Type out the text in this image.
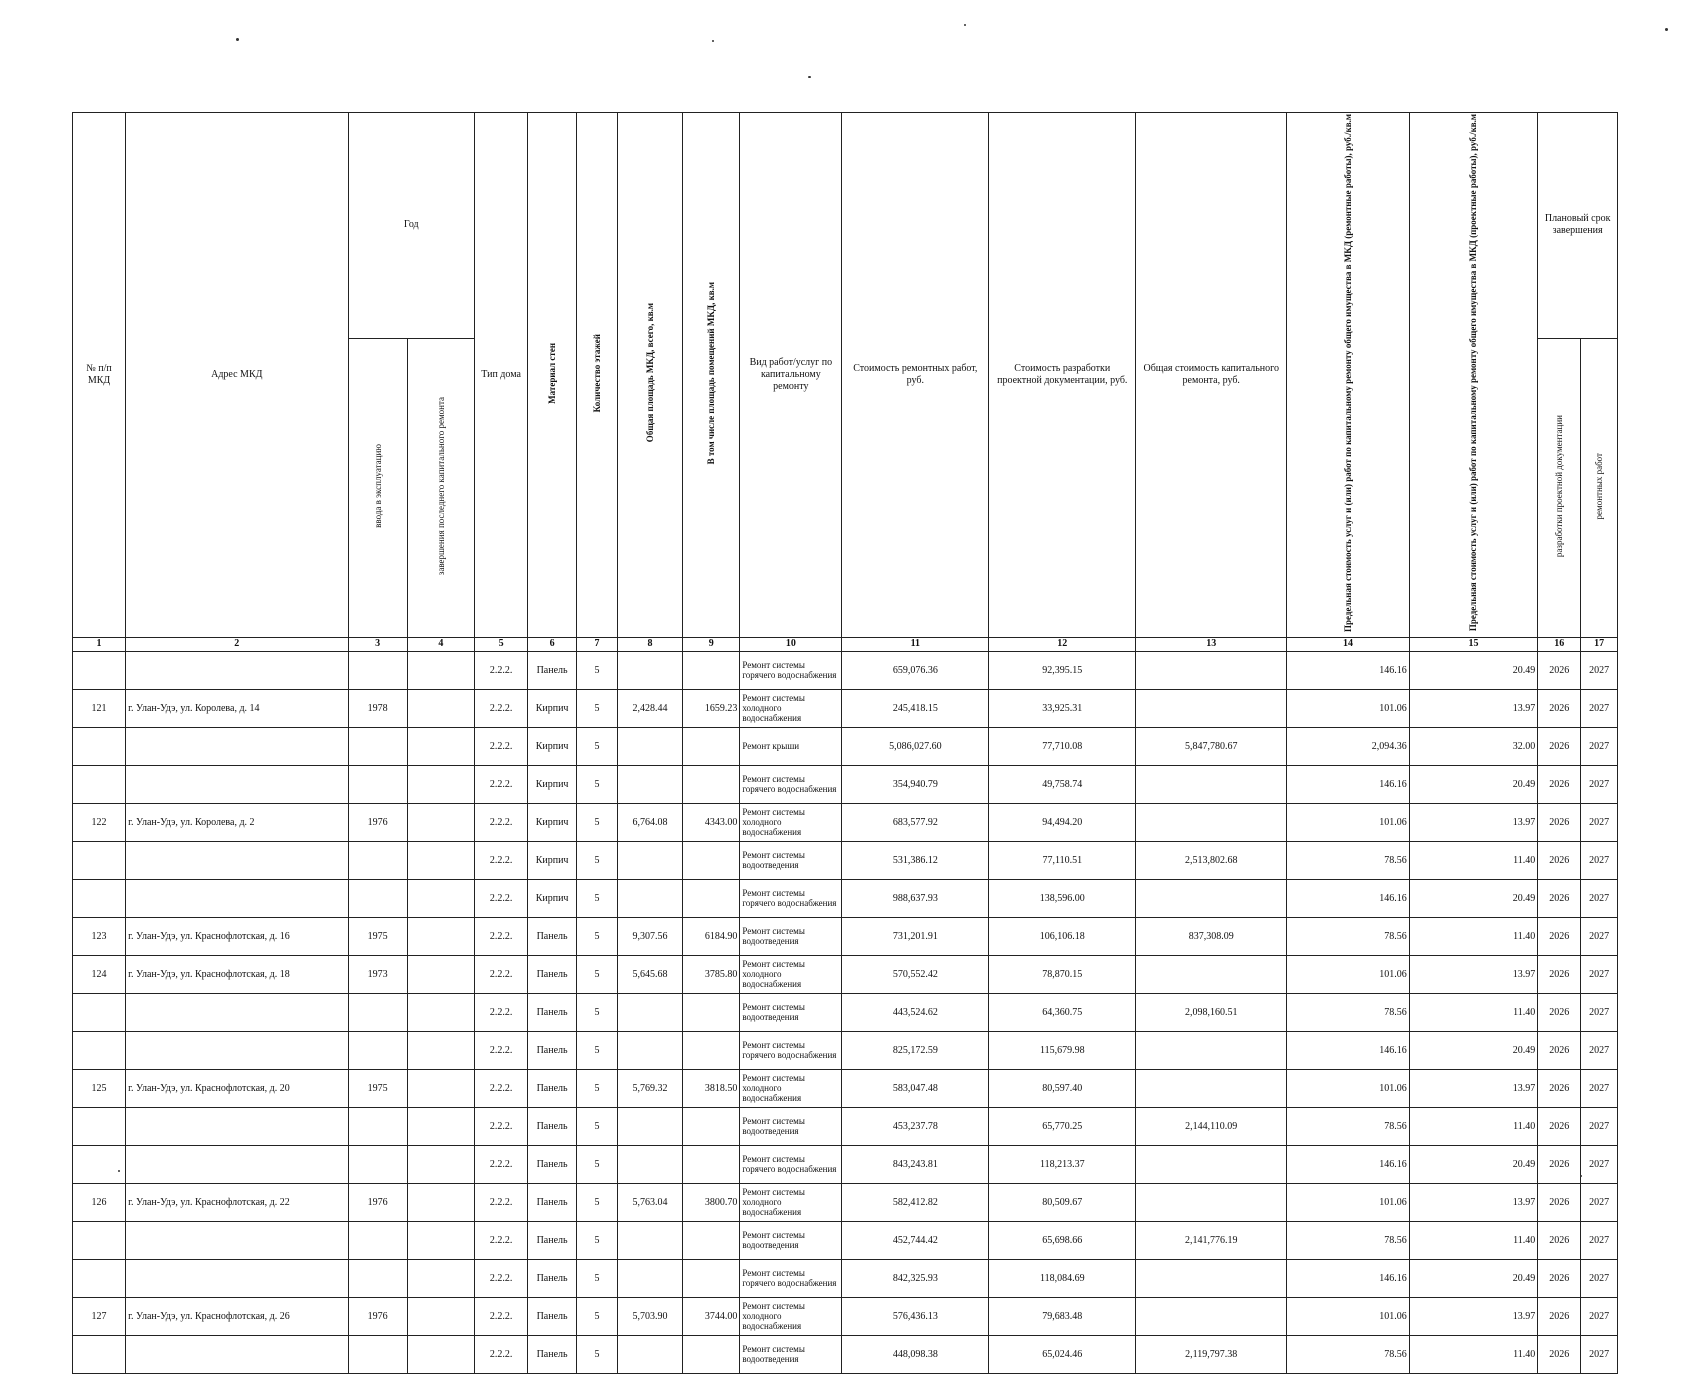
№ п/п МКД	Адрес МКД	Год		Тип дома	Материал стен	Количество этажей	Общая площадь МКД, всего, кв.м	В том числе площадь помещений МКД, кв.м	Вид работ/услуг по капитальному ремонту	Стоимость ремонтных работ, руб.	Стоимость разработки проектной документации, руб.	Общая стоимость капитального ремонта, руб.	Предельная стоимость услуг и (или) работ по капитальному ремонту общего имущества в МКД (ремонтные работы), руб./кв.м	Предельная стоимость услуг и (или) работ по капитальному ремонту общего имущества в МКД (проектные работы), руб./кв.м	Плановый срок завершения	
		ввода в эксплуатацию	завершения последнего капитального ремонта												разработки проектной документации	ремонтных работ
1	2	3	4	5	6	7	8	9	10	11	12	13	14	15	16	17
				2.2.2.	Панель	5			Ремонт системы горячего водоснабжения	659,076.36	92,395.15		146.16	20.49	2026	2027
121	г. Улан-Удэ, ул. Королева, д. 14	1978		2.2.2.	Кирпич	5	2,428.44	1659.23	Ремонт системы холодного водоснабжения	245,418.15	33,925.31		101.06	13.97	2026	2027
				2.2.2.	Кирпич	5			Ремонт крыши	5,086,027.60	77,710.08	5,847,780.67	2,094.36	32.00	2026	2027
				2.2.2.	Кирпич	5			Ремонт системы горячего водоснабжения	354,940.79	49,758.74		146.16	20.49	2026	2027
122	г. Улан-Удэ, ул. Королева, д. 2	1976		2.2.2.	Кирпич	5	6,764.08	4343.00	Ремонт системы холодного водоснабжения	683,577.92	94,494.20		101.06	13.97	2026	2027
				2.2.2.	Кирпич	5			Ремонт системы водоотведения	531,386.12	77,110.51	2,513,802.68	78.56	11.40	2026	2027
				2.2.2.	Кирпич	5			Ремонт системы горячего водоснабжения	988,637.93	138,596.00		146.16	20.49	2026	2027
123	г. Улан-Удэ, ул. Краснофлотская, д. 16	1975		2.2.2.	Панель	5	9,307.56	6184.90	Ремонт системы водоотведения	731,201.91	106,106.18	837,308.09	78.56	11.40	2026	2027
124	г. Улан-Удэ, ул. Краснофлотская, д. 18	1973		2.2.2.	Панель	5	5,645.68	3785.80	Ремонт системы холодного водоснабжения	570,552.42	78,870.15		101.06	13.97	2026	2027
				2.2.2.	Панель	5			Ремонт системы водоотведения	443,524.62	64,360.75	2,098,160.51	78.56	11.40	2026	2027
				2.2.2.	Панель	5			Ремонт системы горячего водоснабжения	825,172.59	115,679.98		146.16	20.49	2026	2027
125	г. Улан-Удэ, ул. Краснофлотская, д. 20	1975		2.2.2.	Панель	5	5,769.32	3818.50	Ремонт системы холодного водоснабжения	583,047.48	80,597.40		101.06	13.97	2026	2027
				2.2.2.	Панель	5			Ремонт системы водоотведения	453,237.78	65,770.25	2,144,110.09	78.56	11.40	2026	2027
				2.2.2.	Панель	5			Ремонт системы горячего водоснабжения	843,243.81	118,213.37		146.16	20.49	2026	2027
126	г. Улан-Удэ, ул. Краснофлотская, д. 22	1976		2.2.2.	Панель	5	5,763.04	3800.70	Ремонт системы холодного водоснабжения	582,412.82	80,509.67		101.06	13.97	2026	2027
				2.2.2.	Панель	5			Ремонт системы водоотведения	452,744.42	65,698.66	2,141,776.19	78.56	11.40	2026	2027
				2.2.2.	Панель	5			Ремонт системы горячего водоснабжения	842,325.93	118,084.69		146.16	20.49	2026	2027
127	г. Улан-Удэ, ул. Краснофлотская, д. 26	1976		2.2.2.	Панель	5	5,703.90	3744.00	Ремонт системы холодного водоснабжения	576,436.13	79,683.48		101.06	13.97	2026	2027
				2.2.2.	Панель	5			Ремонт системы водоотведения	448,098.38	65,024.46	2,119,797.38	78.56	11.40	2026	2027
